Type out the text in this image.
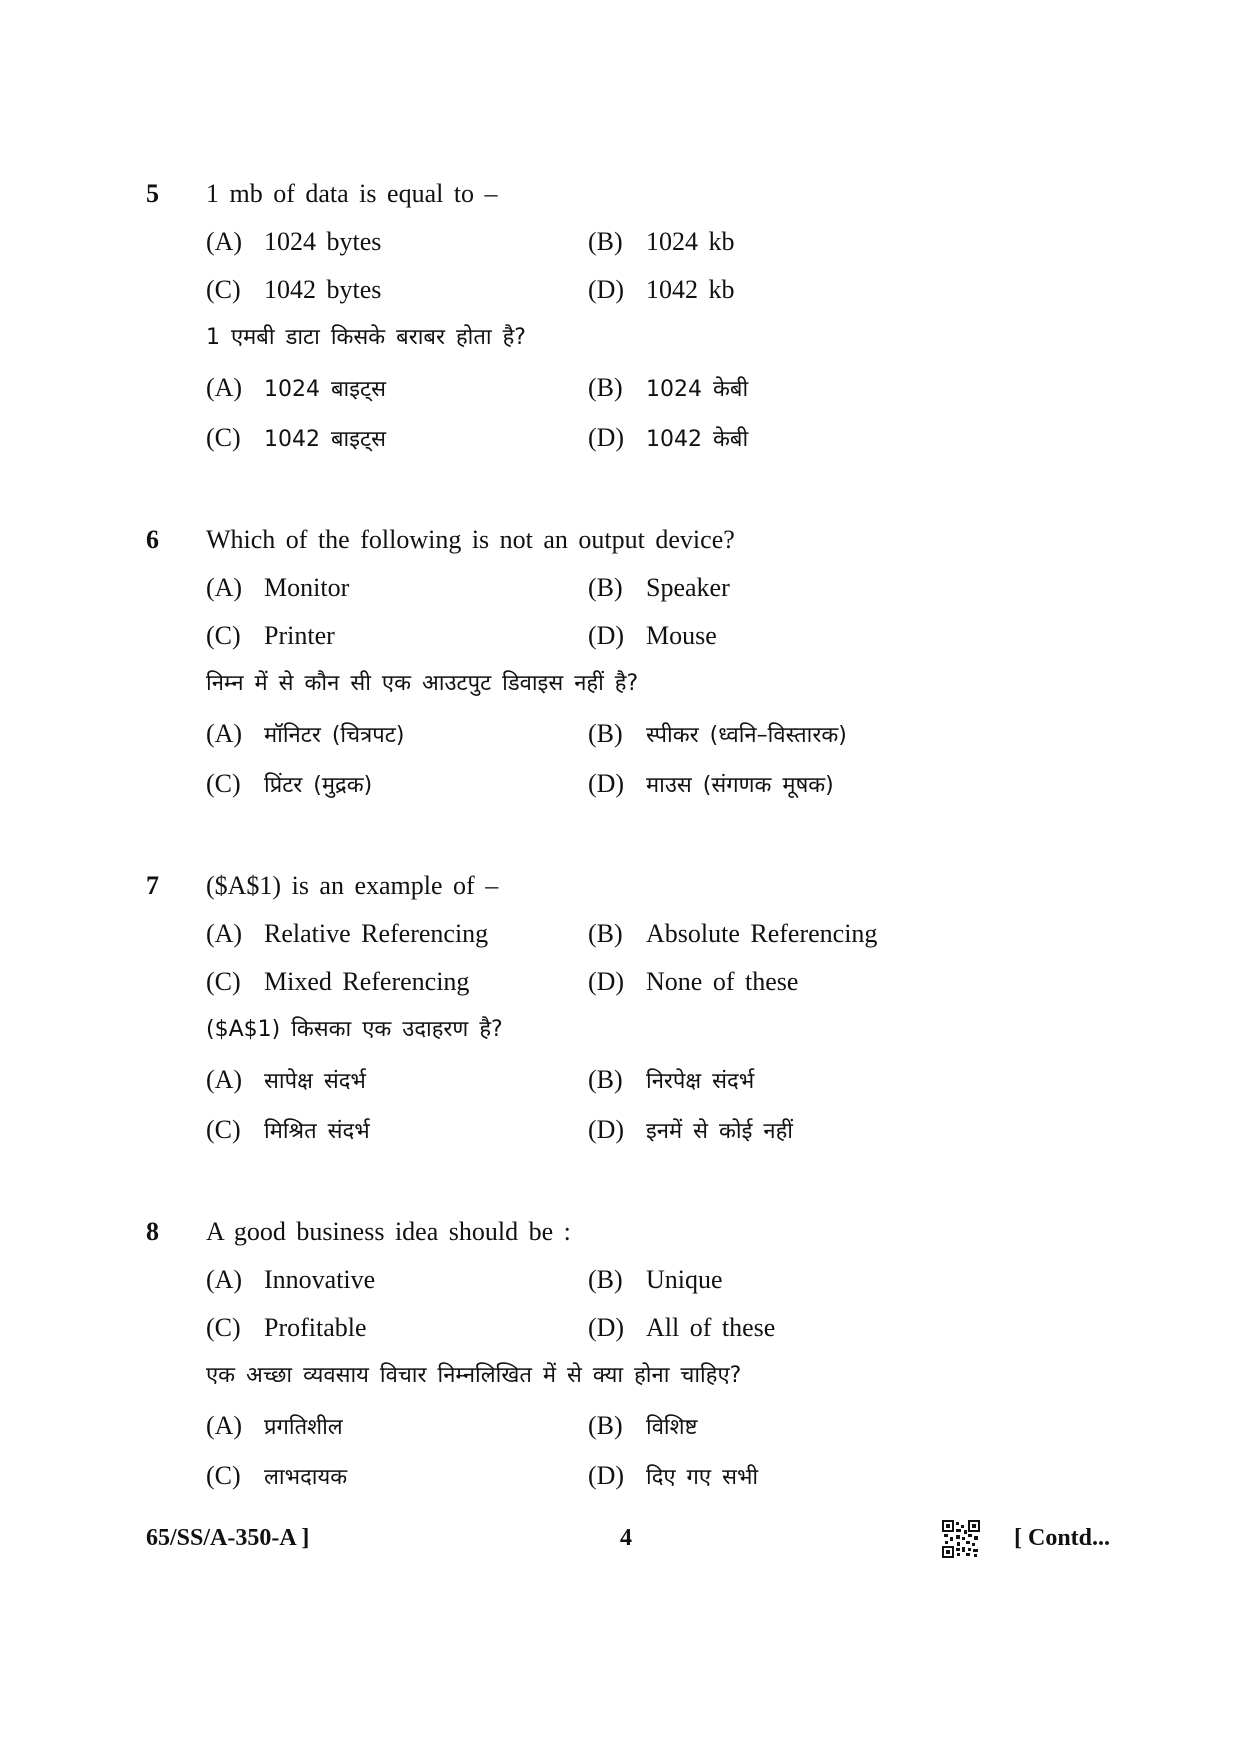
5 1 mb of data is equal to –
(A) 1024 bytes	(B) 1024 kb
(C) 1042 bytes	(D) 1042 kb
1 एमबी डाटा किसके बराबर होता है?
(A) 1024 बाइट्स	(B) 1024 केबी
(C) 1042 बाइट्स	(D) 1042 केबी
6 Which of the following is not an output device?
(A) Monitor	(B) Speaker
(C) Printer	(D) Mouse
निम्न में से कौन सी एक आउटपुट डिवाइस नहीं है?
(A) मॉनिटर (चित्रपट)	(B) स्पीकर (ध्वनि–विस्तारक)
(C) प्रिंटर (मुद्रक)	(D) माउस (संगणक मूषक)
7 ($A$1) is an example of –
(A) Relative Referencing	(B) Absolute Referencing
(C) Mixed Referencing	(D) None of these
($A$1) किसका एक उदाहरण है?
(A) सापेक्ष संदर्भ	(B) निरपेक्ष संदर्भ
(C) मिश्रित संदर्भ	(D) इनमें से कोई नहीं
8 A good business idea should be :
(A) Innovative	(B) Unique
(C) Profitable	(D) All of these
एक अच्छा व्यवसाय विचार निम्नलिखित में से क्या होना चाहिए?
(A) प्रगतिशील	(B) विशिष्ट
(C) लाभदायक	(D) दिए गए सभी
65/SS/A-350-A ]	4	[ Contd...
